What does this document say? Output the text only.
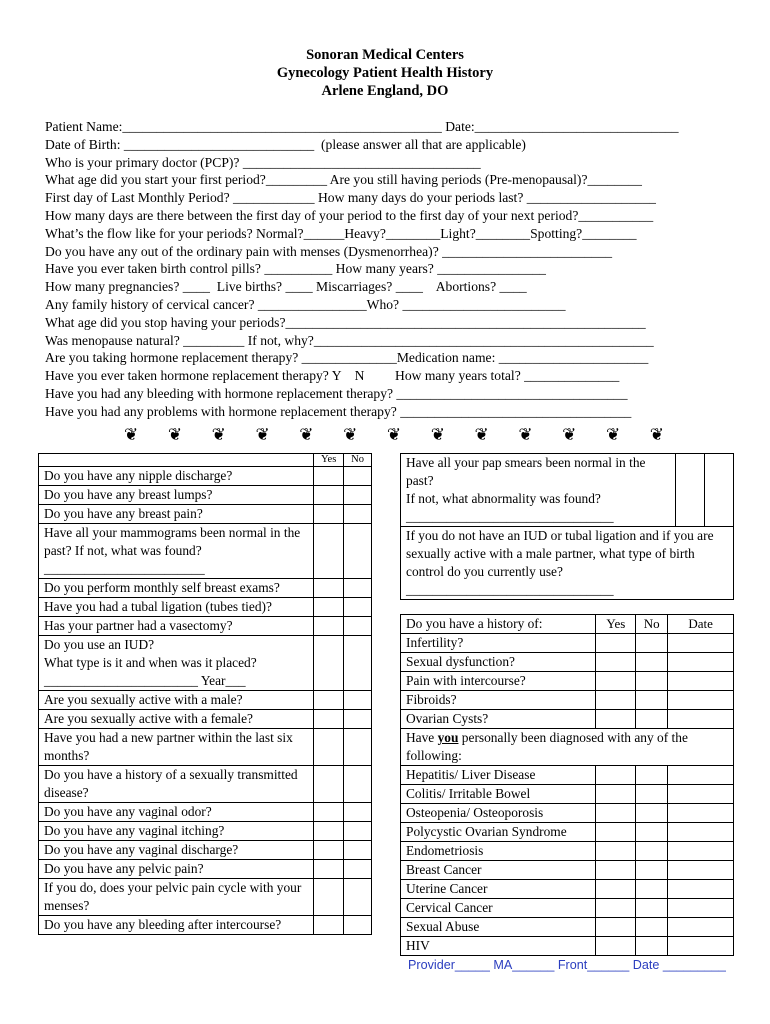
Sonoran Medical Centers
Gynecology Patient Health History
Arlene England, DO
Patient Name:_______________________________________________ Date:______________________________
Date of Birth: ____________________________  (please answer all that are applicable)
Who is your primary doctor (PCP)? ___________________________________
What age did you start your first period?_________ Are you still having periods (Pre-menopausal)?________
First day of Last Monthly Period? ____________ How many days do your periods last? ___________________
How many days are there between the first day of your period to the first day of your next period?___________
What’s the flow like for your periods? Normal?______Heavy?________Light?________Spotting?________
Do you have any out of the ordinary pain with menses (Dysmenorrhea)? _________________________
Have you ever taken birth control pills? __________ How many years? ________________
How many pregnancies? ____  Live births? ____ Miscarriages? ____    Abortions? ____
Any family history of cervical cancer? ________________Who? ________________________
What age did you stop having your periods?_____________________________________________________
Was menopause natural? _________ If not, why?__________________________________________________
Are you taking hormone replacement therapy? ______________Medication name: ______________________
Have you ever taken hormone replacement therapy? Y    N         How many years total? ______________
Have you had any bleeding with hormone replacement therapy? __________________________________
Have you had any problems with hormone replacement therapy? __________________________________
❦ ❦ ❦ ❦ ❦ ❦ ❦ ❦ ❦ ❦ ❦ ❦ ❦
	Yes	No
Do you have any nipple discharge?		
Do you have any breast lumps?		
Do you have any breast pain?		
Have all your mammograms been normal in the past? If not, what was found?
________________________		
Do you perform monthly self breast exams?		
Have you had a tubal ligation (tubes tied)?		
Has your partner had a vasectomy?		
Do you use an IUD?
What type is it and when was it placed?
_______________________ Year___		
Are you sexually active with a male?		
Are you sexually active with a female?		
Have you had a new partner within the last six months?		
Do you have a history of a sexually transmitted disease?		
Do you have any vaginal odor?		
Do you have any vaginal itching?		
Do you have any vaginal discharge?		
Do you have any pelvic pain?		
If you do, does your pelvic pain cycle with your menses?		
Do you have any bleeding after intercourse?		
Have all your pap smears been normal in the past?
If not, what abnormality was found?
_______________________________		
If you do not have an IUD or tubal ligation and if you are sexually active with a male partner, what type of birth control do you currently use?
_______________________________
Do you have a history of:	Yes	No	Date
Infertility?			
Sexual dysfunction?			
Pain with intercourse?			
Fibroids?			
Ovarian Cysts?			
Have you personally been diagnosed with any of the following:			
Hepatitis/ Liver Disease			
Colitis/ Irritable Bowel			
Osteopenia/ Osteoporosis			
Polycystic Ovarian Syndrome			
Endometriosis			
Breast Cancer			
Uterine Cancer			
Cervical Cancer			
Sexual Abuse			
HIV			
Provider_____ MA______ Front______ Date _________
